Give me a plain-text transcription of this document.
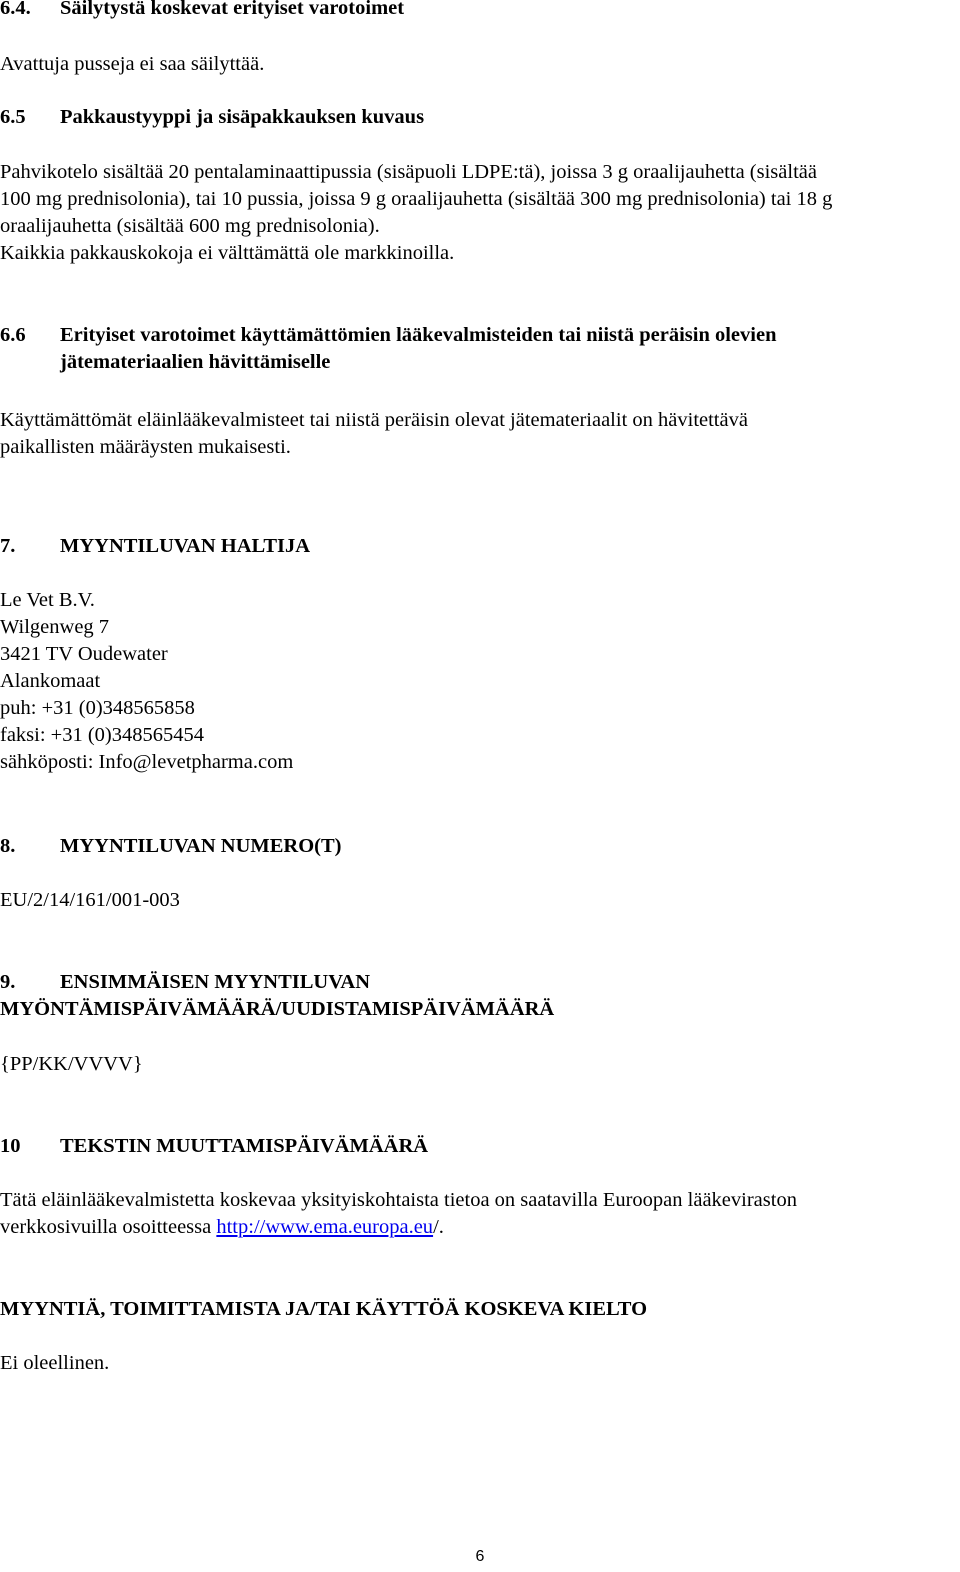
6.4. Säilytystä koskevat erityiset varotoimet
Avattuja pusseja ei saa säilyttää.
6.5 Pakkaustyyppi ja sisäpakkauksen kuvaus
Pahvikotelo sisältää 20 pentalaminaattipussia (sisäpuoli LDPE:tä), joissa 3 g oraalijauhetta (sisältää
100 mg prednisolonia), tai 10 pussia, joissa 9 g oraalijauhetta (sisältää 300 mg prednisolonia) tai 18 g
oraalijauhetta (sisältää 600 mg prednisolonia).
Kaikkia pakkauskokoja ei välttämättä ole markkinoilla.
6.6 Erityiset varotoimet käyttämättömien lääkevalmisteiden tai niistä peräisin olevien
jätemateriaalien hävittämiselle
Käyttämättömät eläinlääkevalmisteet tai niistä peräisin olevat jätemateriaalit on hävitettävä
paikallisten määräysten mukaisesti.
7. MYYNTILUVAN HALTIJA
Le Vet B.V.
Wilgenweg 7
3421 TV Oudewater
Alankomaat
puh: +31 (0)348565858
faksi: +31 (0)348565454
sähköposti: Info@levetpharma.com
8. MYYNTILUVAN NUMERO(T)
EU/2/14/161/001-003
9. ENSIMMÄISEN MYYNTILUVAN
MYÖNTÄMISPÄIVÄMÄÄRÄ/UUDISTAMISPÄIVÄMÄÄRÄ
{PP/KK/VVVV}
10 TEKSTIN MUUTTAMISPÄIVÄMÄÄRÄ
Tätä eläinlääkevalmistetta koskevaa yksityiskohtaista tietoa on saatavilla Euroopan lääkeviraston
verkkosivuilla osoitteessa http://www.ema.europa.eu/.
MYYNTIÄ, TOIMITTAMISTA JA/TAI KÄYTTÖÄ KOSKEVA KIELTO
Ei oleellinen.
6
